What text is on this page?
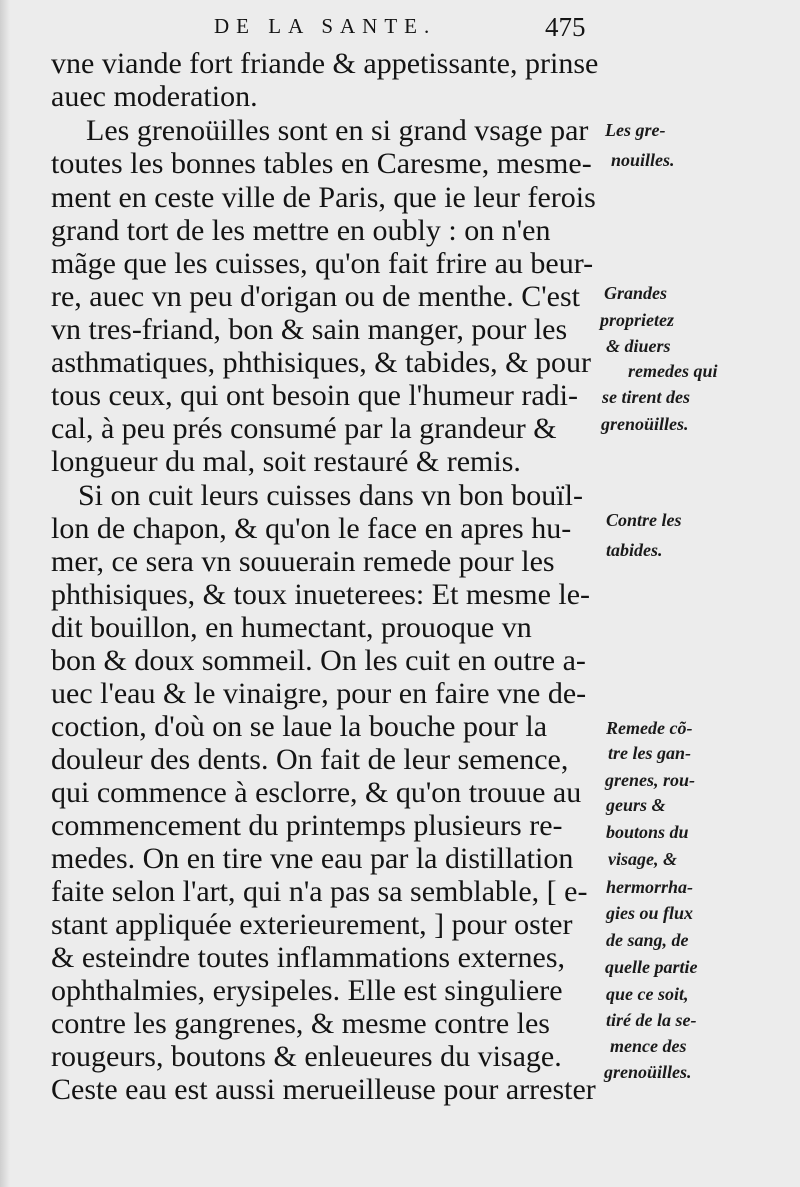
DE LA SANTE.	475
vne viande fort friande & appetissante, prinse
auec moderation.
Les grenoüilles sont en si grand vsage par
toutes les bonnes tables en Caresme, mesme-
ment en ceste ville de Paris, que ie leur ferois
grand tort de les mettre en oubly : on n'en
mãge que les cuisses, qu'on fait frire au beur-
re, auec vn peu d'origan ou de menthe. C'est
vn tres-friand, bon & sain manger, pour les
asthmatiques, phthisiques, & tabides, & pour
tous ceux, qui ont besoin que l'humeur radi-
cal, à peu prés consumé par la grandeur &
longueur du mal, soit restauré & remis.
Si on cuit leurs cuisses dans vn bon bouïl-
lon de chapon, & qu'on le face en apres hu-
mer, ce sera vn souuerain remede pour les
phthisiques, & toux inueterees: Et mesme le-
dit bouillon, en humectant, prouoque vn
bon & doux sommeil. On les cuit en outre a-
uec l'eau & le vinaigre, pour en faire vne de-
coction, d'où on se laue la bouche pour la
douleur des dents. On fait de leur semence,
qui commence à esclorre, & qu'on trouue au
commencement du printemps plusieurs re-
medes. On en tire vne eau par la distillation
faite selon l'art, qui n'a pas sa semblable, [ e-
stant appliquée exterieurement, ] pour oster
& esteindre toutes inflammations externes,
ophthalmies, erysipeles. Elle est singuliere
contre les gangrenes, & mesme contre les
rougeurs, boutons & enleueures du visage.
Ceste eau est aussi merueilleuse pour arrester
Les gre-
nouilles.
Grandes
proprietez
& diuers
remedes qui
se tirent des
grenoüilles.
Contre les
tabides.
Remede cõ-
tre les gan-
grenes, rou-
geurs &
boutons du
visage, &
hermorrha-
gies ou flux
de sang, de
quelle partie
que ce soit,
tiré de la se-
mence des
grenoüilles.
